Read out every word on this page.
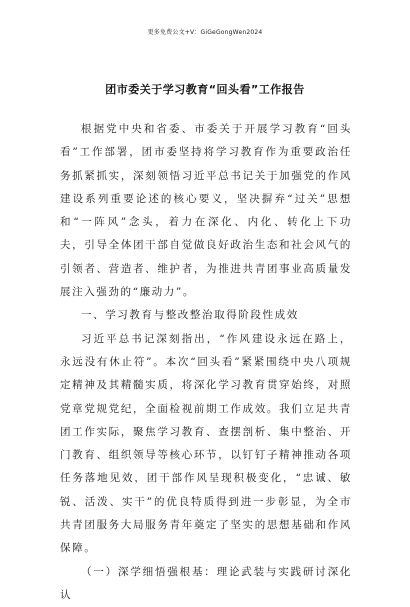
更多免费公文+V：GiGeGongWen2024
团市委关于学习教育“回头看”工作报告

根据党中央和省委、市委关于开展学习教育“回头看”工作部署，团市委坚持将学习教育作为重要政治任务抓紧抓实，深刻领悟习近平总书记关于加强党的作风建设系列重要论述的核心要义，坚决摒弃“过关”思想和“一阵风”念头，着力在深化、内化、转化上下功夫，引导全体团干部自觉做良好政治生态和社会风气的引领者、营造者、维护者，为推进共青团事业高质量发展注入强劲的“廉动力”。

一、学习教育与整改整治取得阶段性成效

习近平总书记深刻指出，“作风建设永远在路上，永远没有休止符”。本次“回头看”紧紧围绕中央八项规定精神及其精髓实质，将深化学习教育贯穿始终，对照党章党规党纪，全面检视前期工作成效。我们立足共青团工作实际，聚焦学习教育、查摆剖析、集中整治、开门教育、组织领导等核心环节，以钉钉子精神推动各项任务落地见效，团干部作风呈现积极变化，“忠诚、敏锐、活泼、实干”的优良特质得到进一步彰显，为全市共青团服务大局服务青年奠定了坚实的思想基础和作风保障。

（一）深学细悟强根基：理论武装与实践研讨深化认
